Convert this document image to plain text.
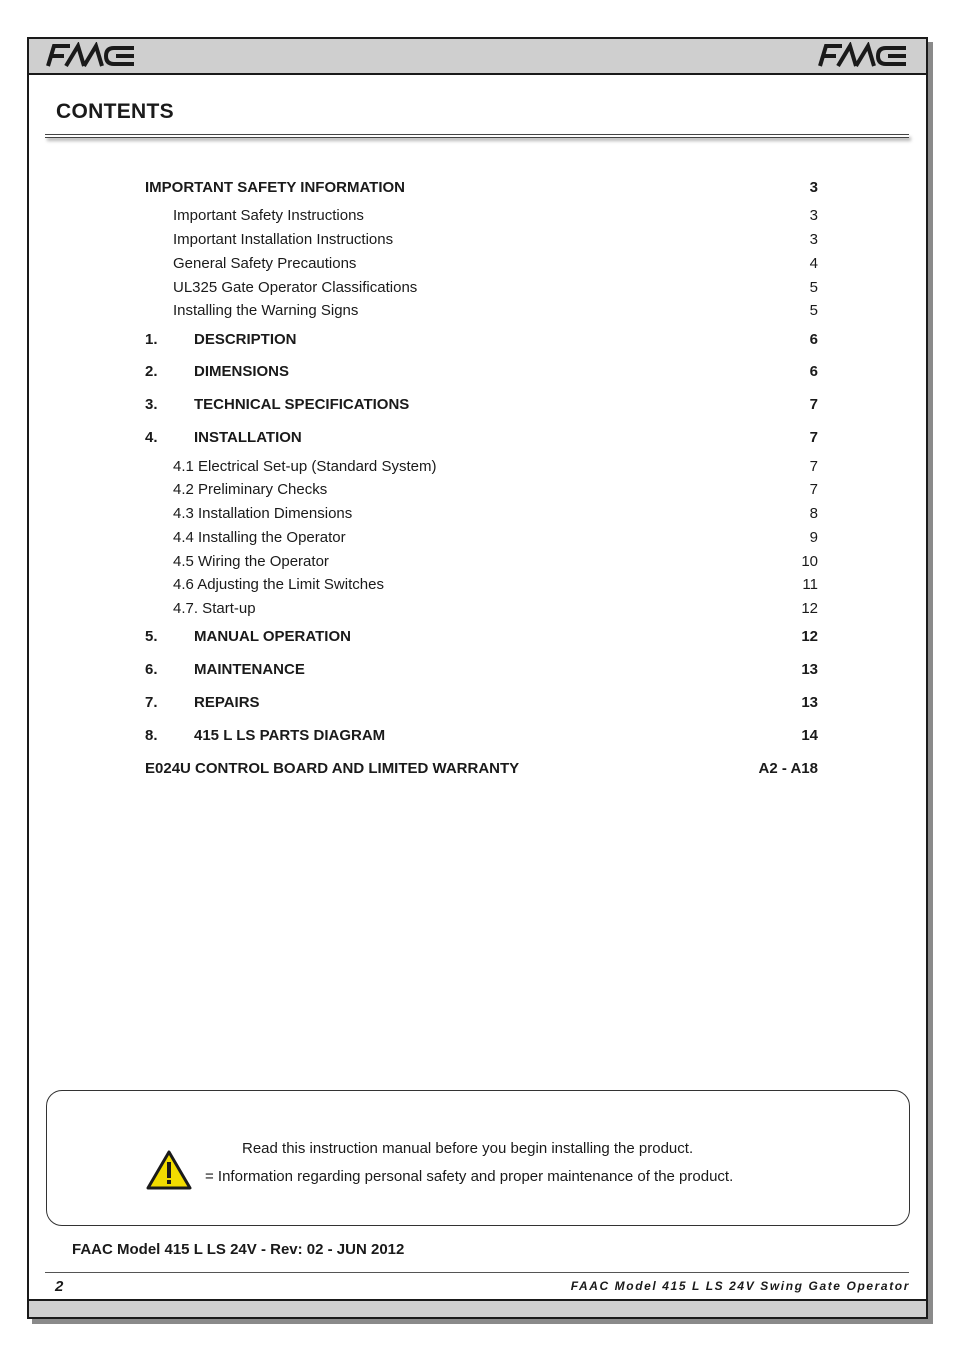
CONTENTS
IMPORTANT SAFETY INFORMATION	3
Important Safety Instructions	3
Important Installation Instructions	3
General Safety Precautions	4
UL325 Gate Operator Classifications	5
Installing the Warning Signs	5
1. DESCRIPTION	6
2. DIMENSIONS	6
3. TECHNICAL SPECIFICATIONS	7
4. INSTALLATION	7
4.1 Electrical Set-up (Standard System)	7
4.2 Preliminary Checks	7
4.3 Installation Dimensions	8
4.4 Installing the Operator	9
4.5 Wiring the Operator	10
4.6 Adjusting the Limit Switches	11
4.7. Start-up	12
5. MANUAL OPERATION	12
6. MAINTENANCE	13
7. REPAIRS	13
8. 415 L LS PARTS DIAGRAM	14
E024U CONTROL BOARD AND LIMITED WARRANTY	A2 - A18
Read this instruction manual before you begin installing the product.
= Information regarding personal safety and proper maintenance of the product.
FAAC Model 415 L LS 24V - Rev: 02 - JUN 2012
2	FAAC Model 415 L LS 24V Swing Gate Operator
